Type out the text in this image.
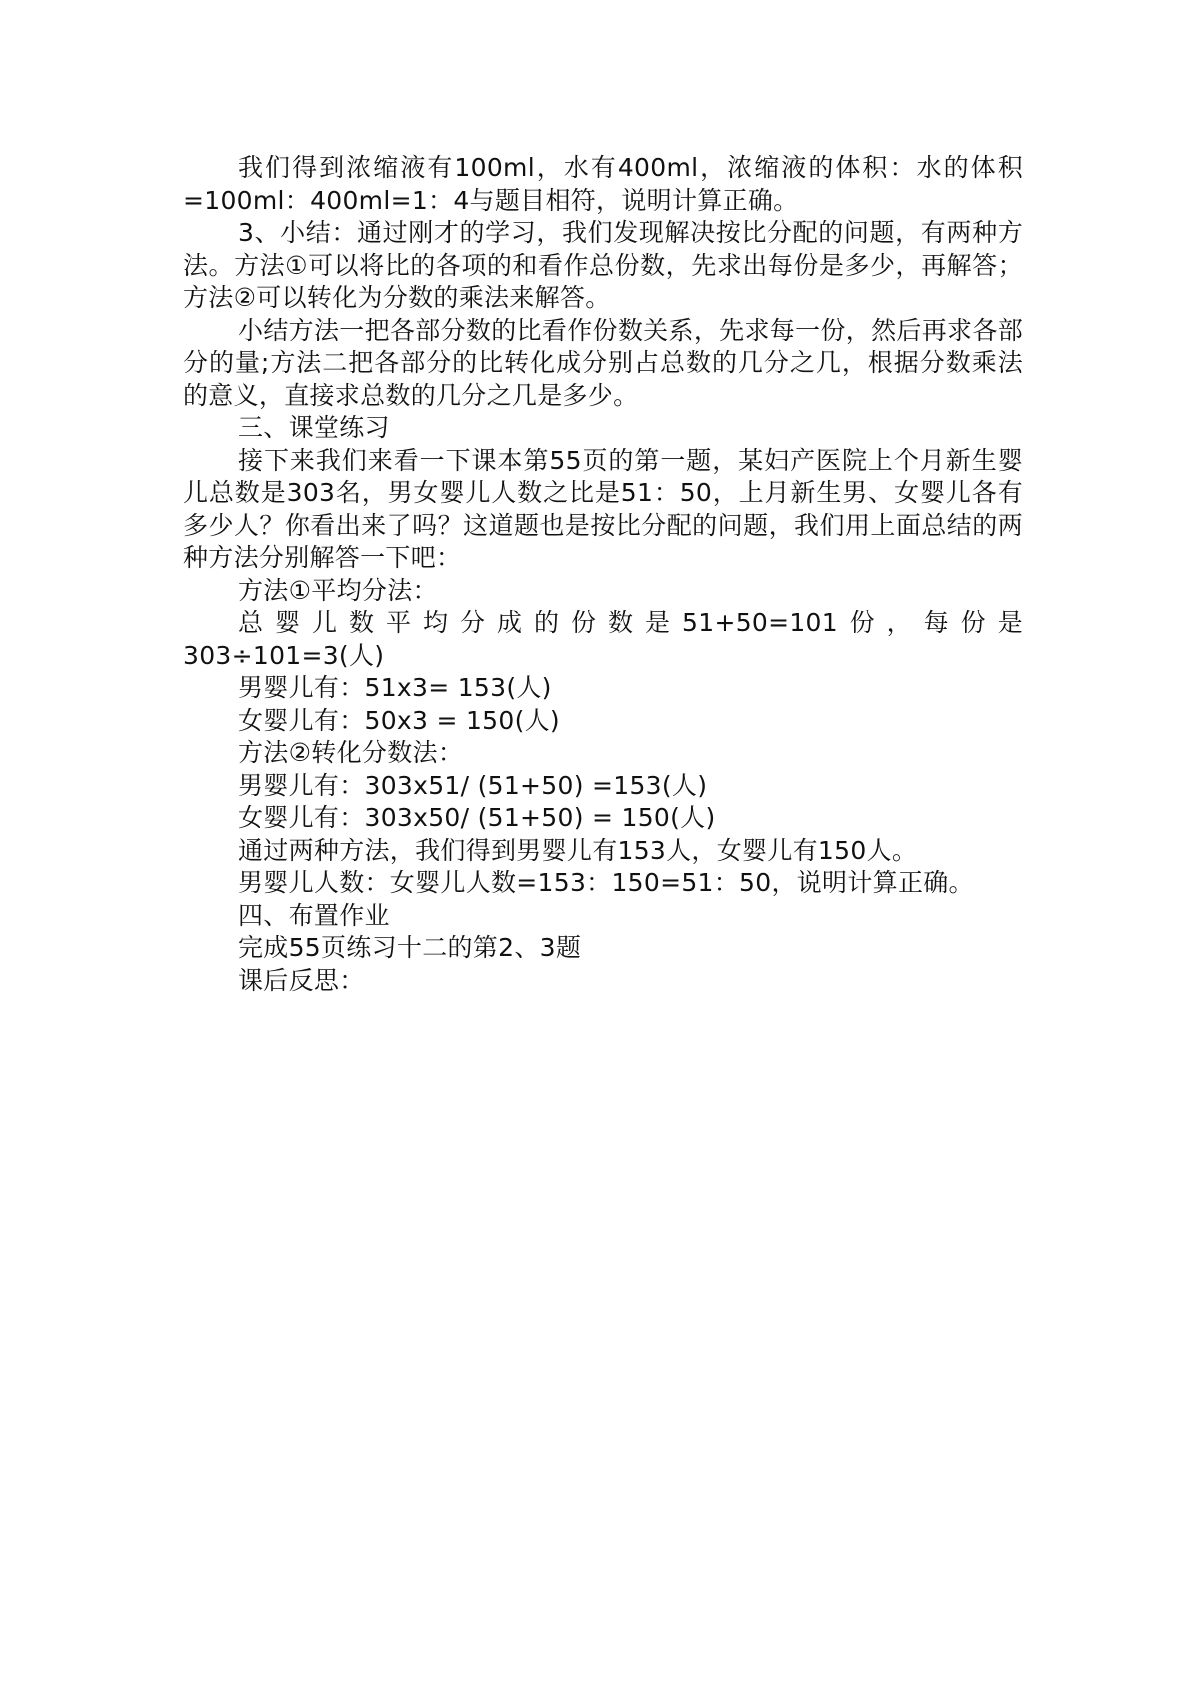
我们得到浓缩液有100ml，水有400ml，浓缩液的体积：水的体积=100ml：400ml=1：4与题目相符，说明计算正确。

3、小结：通过刚才的学习，我们发现解决按比分配的问题，有两种方法。方法①可以将比的各项的和看作总份数，先求出每份是多少，再解答；方法②可以转化为分数的乘法来解答。

小结方法一把各部分数的比看作份数关系，先求每一份，然后再求各部分的量;方法二把各部分的比转化成分别占总数的几分之几，根据分数乘法的意义，直接求总数的几分之几是多少。

三、课堂练习

接下来我们来看一下课本第55页的第一题，某妇产医院上个月新生婴儿总数是303名，男女婴儿人数之比是51：50，上月新生男、女婴儿各有多少人？你看出来了吗？这道题也是按比分配的问题，我们用上面总结的两种方法分别解答一下吧：

方法①平均分法：

总婴儿数平均分成的份数是51+50=101份，每份是303÷101=3(人)

男婴儿有：51x3= 153(人)

女婴儿有：50x3 = 150(人)

方法②转化分数法：

男婴儿有：303x51/ (51+50) =153(人)

女婴儿有：303x50/ (51+50) = 150(人)

通过两种方法，我们得到男婴儿有153人，女婴儿有150人。

男婴儿人数：女婴儿人数=153：150=51：50，说明计算正确。

四、布置作业

完成55页练习十二的第2、3题

课后反思：
